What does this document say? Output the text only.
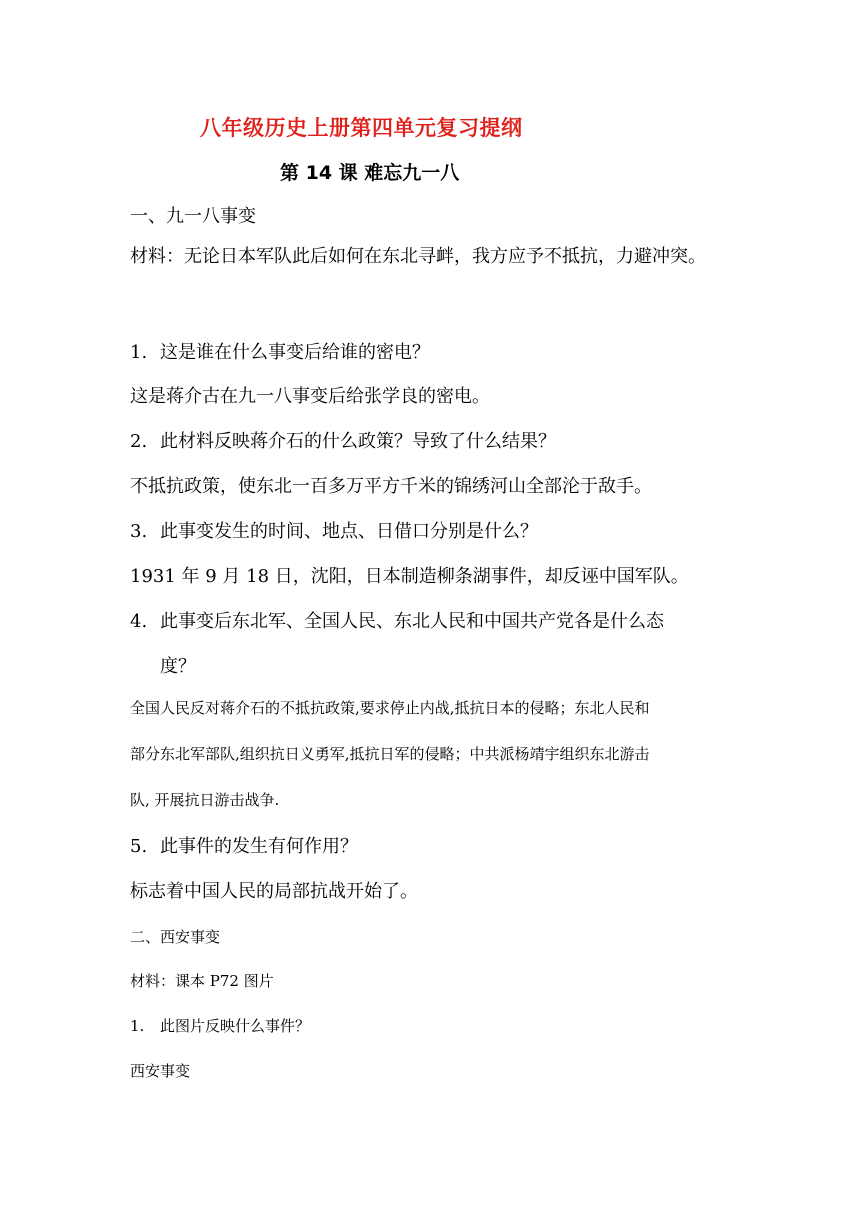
八年级历史上册第四单元复习提纲
第 14 课 难忘九一八
一、九一八事变
材料：无论日本军队此后如何在东北寻衅，我方应予不抵抗，力避冲突。
1. 这是谁在什么事变后给谁的密电？
这是蒋介古在九一八事变后给张学良的密电。
2. 此材料反映蒋介石的什么政策？导致了什么结果？
不抵抗政策，使东北一百多万平方千米的锦绣河山全部沦于敌手。
3. 此事变发生的时间、地点、日借口分别是什么？
1931 年 9 月 18 日，沈阳，日本制造柳条湖事件，却反诬中国军队。
4. 此事变后东北军、全国人民、东北人民和中国共产党各是什么态
度？
全国人民反对蒋介石的不抵抗政策,要求停止内战,抵抗日本的侵略；东北人民和
部分东北军部队,组织抗日义勇军,抵抗日军的侵略；中共派杨靖宇组织东北游击
队, 开展抗日游击战争.
5. 此事件的发生有何作用？
标志着中国人民的局部抗战开始了。
二、西安事变
材料：课本 P72 图片
1. 此图片反映什么事件？
西安事变
